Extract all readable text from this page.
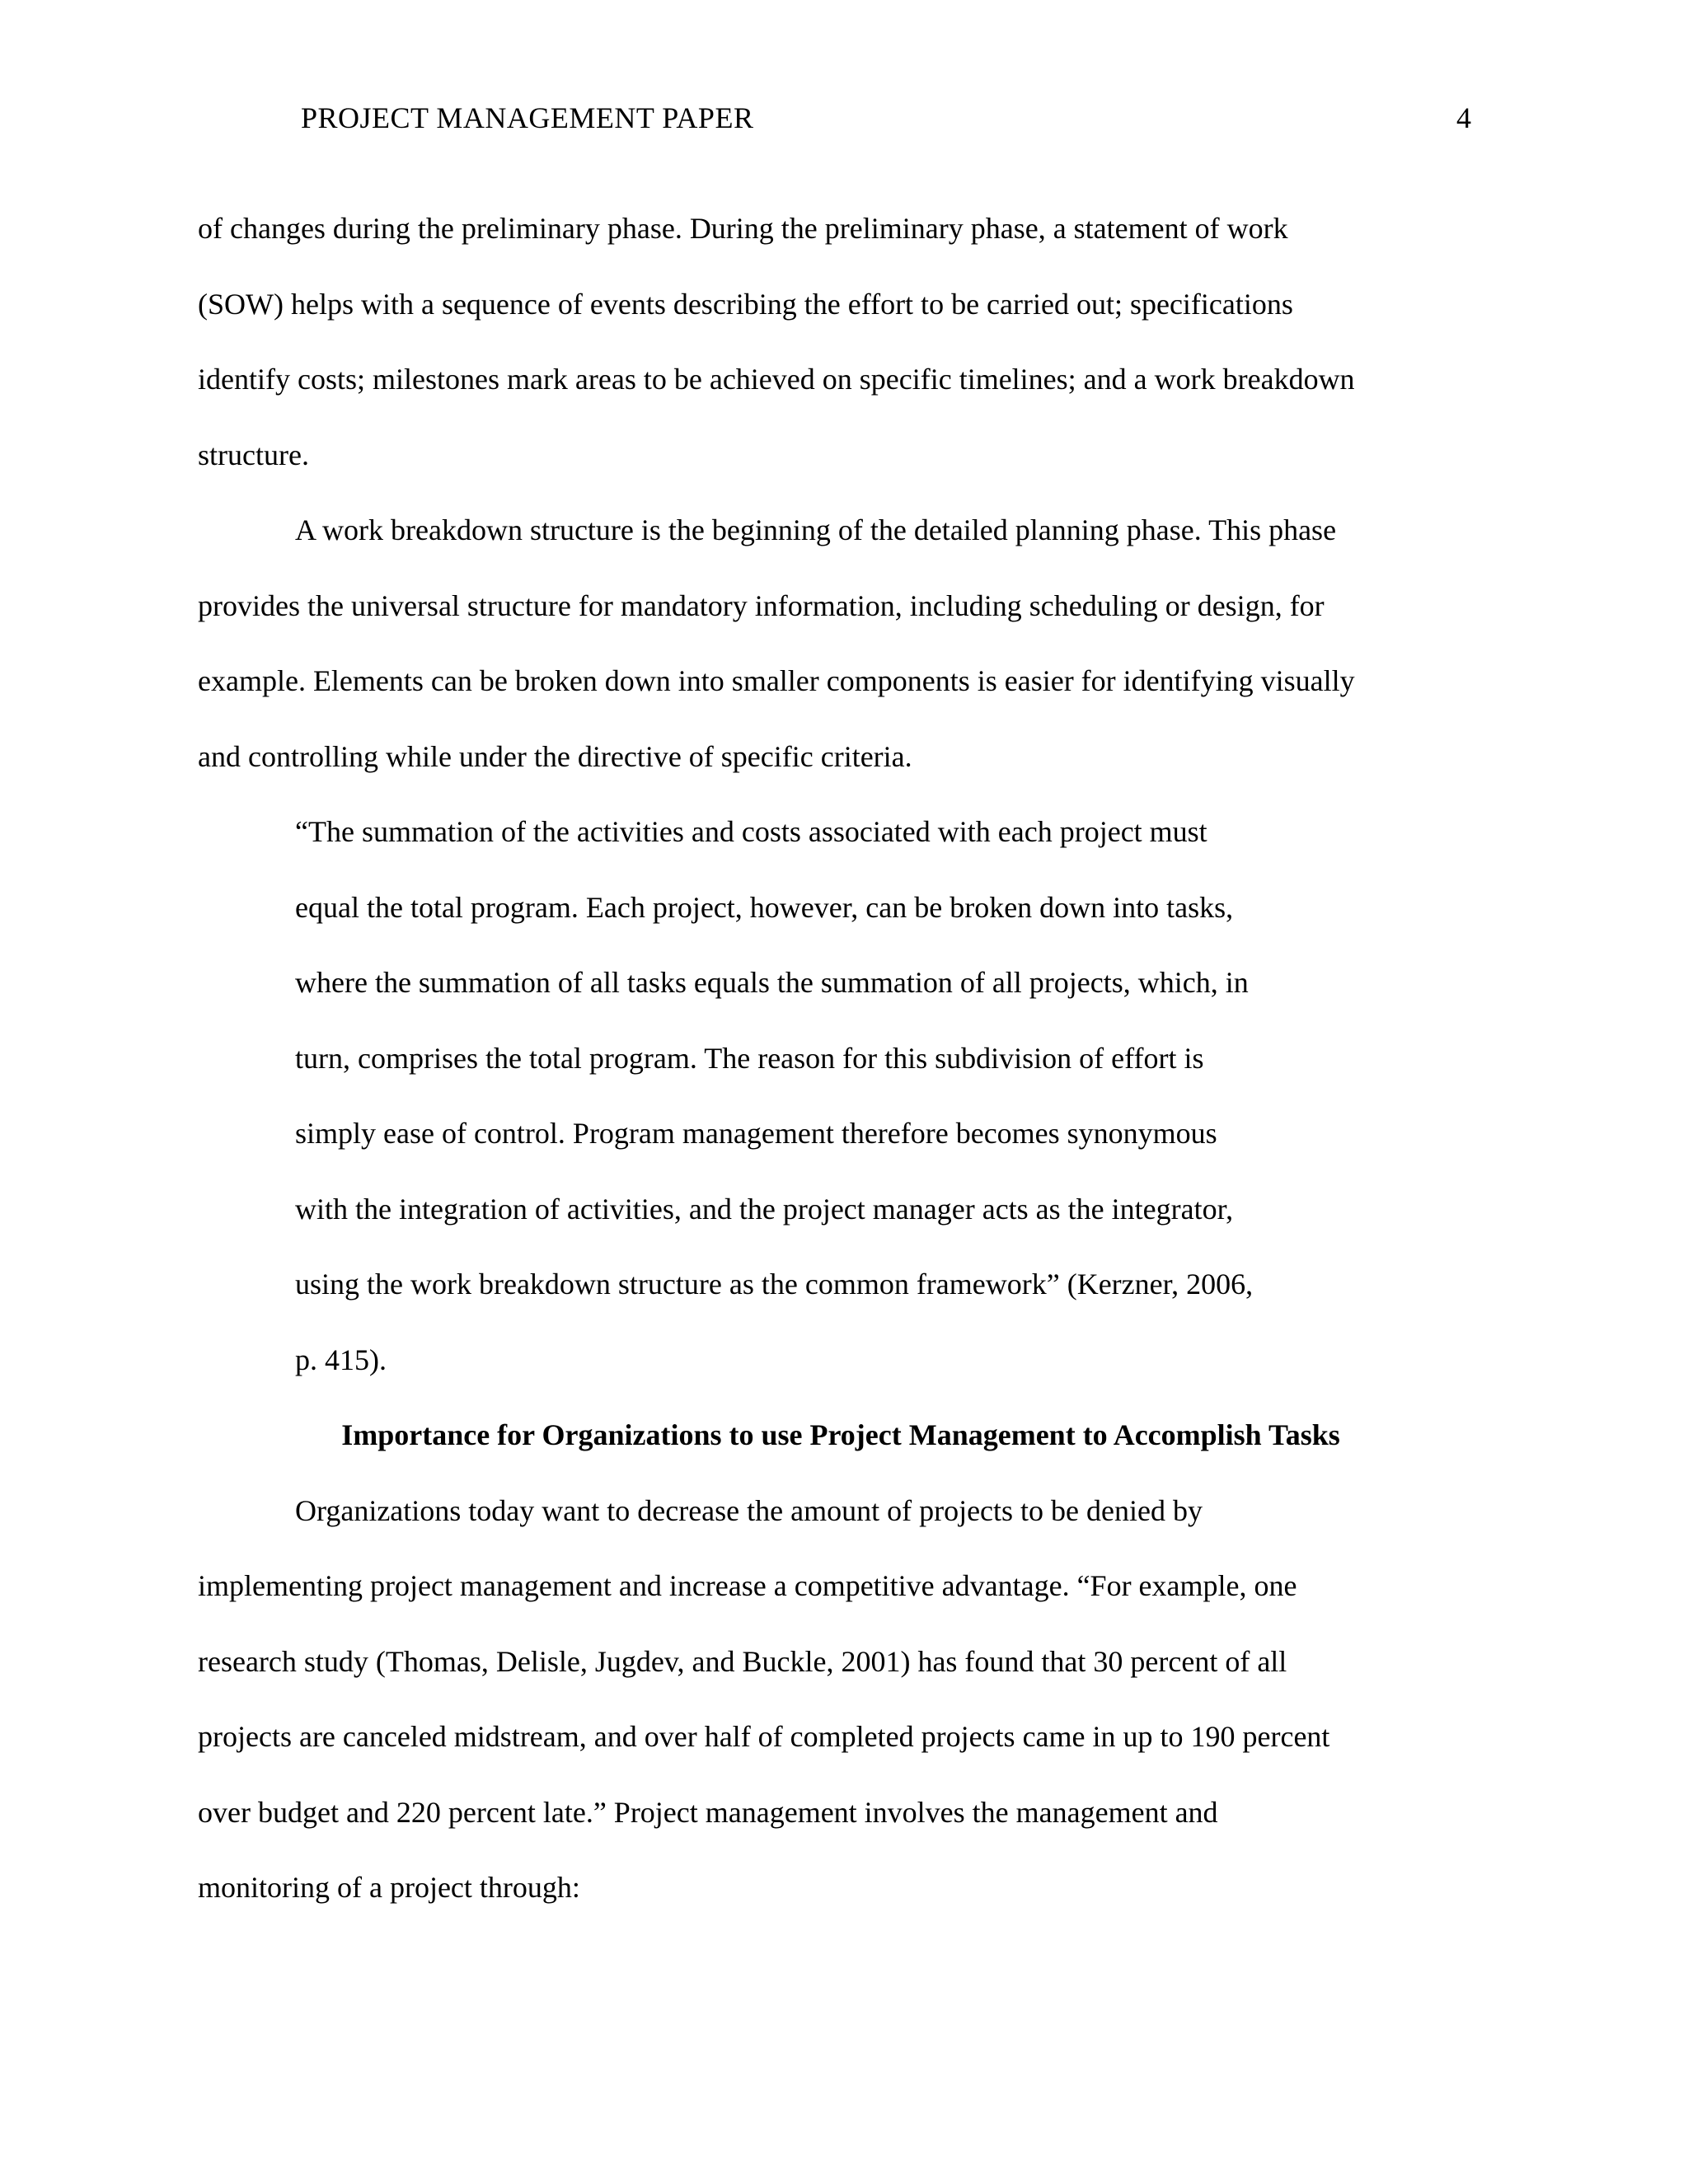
PROJECT MANAGEMENT PAPER	4
of changes during the preliminary phase. During the preliminary phase, a statement of work
(SOW) helps with a sequence of events describing the effort to be carried out; specifications
identify costs; milestones mark areas to be achieved on specific timelines; and a work breakdown
structure.
A work breakdown structure is the beginning of the detailed planning phase. This phase
provides the universal structure for mandatory information, including scheduling or design, for
example. Elements can be broken down into smaller components is easier for identifying visually
and controlling while under the directive of specific criteria.
“The summation of the activities and costs associated with each project must
equal the total program. Each project, however, can be broken down into tasks,
where the summation of all tasks equals the summation of all projects, which, in
turn, comprises the total program. The reason for this subdivision of effort is
simply ease of control. Program management therefore becomes synonymous
with the integration of activities, and the project manager acts as the integrator,
using the work breakdown structure as the common framework” (Kerzner, 2006,
p. 415).
Importance for Organizations to use Project Management to Accomplish Tasks
Organizations today want to decrease the amount of projects to be denied by
implementing project management and increase a competitive advantage. “For example, one
research study (Thomas, Delisle, Jugdev, and Buckle, 2001) has found that 30 percent of all
projects are canceled midstream, and over half of completed projects came in up to 190 percent
over budget and 220 percent late.” Project management involves the management and
monitoring of a project through:
